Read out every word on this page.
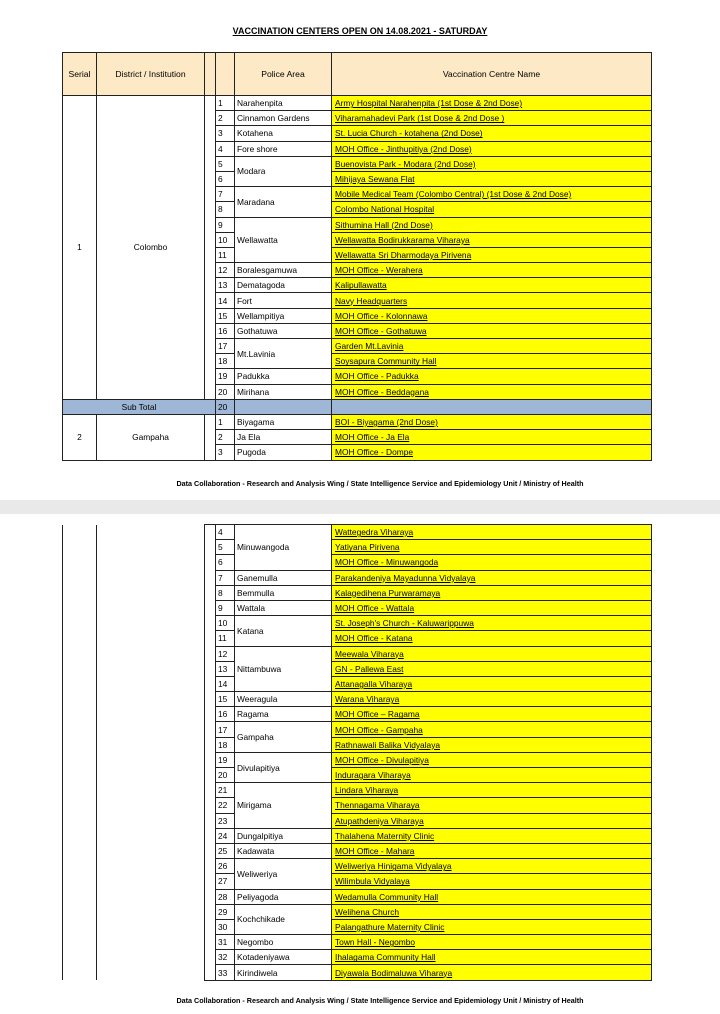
VACCINATION CENTERS OPEN ON 14.08.2021 - SATURDAY
Serial	District / Institution			Police Area	Vaccination Centre Name
1	Colombo		1	Narahenpita	Army Hospital Narahenpita (1st Dose & 2nd Dose)
			2	Cinnamon Gardens	Viharamahadevi Park (1st Dose & 2nd Dose )
			3	Kotahena	St. Lucia Church - kotahena (2nd Dose)
			4	Fore shore	MOH Office - Jinthupitiya (2nd Dose)
			5	Modara	Buenovista Park - Modara (2nd Dose)
			6		Mihijaya Sewana Flat
			7	Maradana	Mobile Medical Team (Colombo Central) (1st Dose & 2nd Dose)
			8		Colombo National Hospital
			9	Wellawatta	Sithumina Hall (2nd Dose)
			10		Wellawatta Bodirukkarama Viharaya
			11		Wellawatta Sri Dharmodaya Pirivena
			12	Boralesgamuwa	MOH Office - Werahera
			13	Dematagoda	Kalipullawatta
			14	Fort	Navy Headquarters
			15	Wellampitiya	MOH Office - Kolonnawa
			16	Gothatuwa	MOH Office - Gothatuwa
			17	Mt.Lavinia	Garden Mt.Lavinia
			18		Soysapura Community Hall
			19	Padukka	MOH Office - Padukka
			20	Mirihana	MOH Office - Beddagana
Sub Total			20		
2	Gampaha		1	Biyagama	BOI - Biyagama (2nd Dose)
			2	Ja Ela	MOH Office - Ja Ela
			3	Pugoda	MOH Office - Dompe
Data Collaboration - Research and Analysis Wing / State Intelligence Service and Epidemiology Unit / Ministry of Health
			4	Minuwangoda	Wattegedra Viharaya
			5		Yatiyana Pirivena
			6		MOH Office - Minuwangoda
			7	Ganemulla	Parakandeniya Mayadunna Vidyalaya
			8	Bemmulla	Kalagedihena Purwaramaya
			9	Wattala	MOH Office - Wattala
			10	Katana	St. Joseph's Church - Kaluwarippuwa
			11		MOH Office - Katana
			12	Nittambuwa	Meewala Viharaya
			13		GN - Pallewa East
			14		Attanagalla Viharaya
			15	Weeragula	Warana Viharaya
			16	Ragama	MOH Office – Ragama
			17	Gampaha	MOH Office - Gampaha
			18		Rathnawali Balika Vidyalaya
			19	Divulapitiya	MOH Office - Divulapitiya
			20		Induragara Viharaya
			21	Mirigama	Lindara Viharaya
			22		Thennagama Viharaya
			23		Atupathdeniya Viharaya
			24	Dungalpitiya	Thalahena Maternity Clinic
			25	Kadawata	MOH Office - Mahara
			26	Weliweriya	Weliweriya Hinigama Vidyalaya
			27		Wilimbula Vidyalaya
			28	Peliyagoda	Wedamulla Community Hall
			29	Kochchikade	Welihena Church
			30		Palangathure Maternity Clinic
			31	Negombo	Town Hall - Negombo
			32	Kotadeniyawa	Ihalagama Community Hall
			33	Kirindiwela	Diyawala Bodimaluwa Viharaya
Data Collaboration - Research and Analysis Wing / State Intelligence Service and Epidemiology Unit / Ministry of Health
